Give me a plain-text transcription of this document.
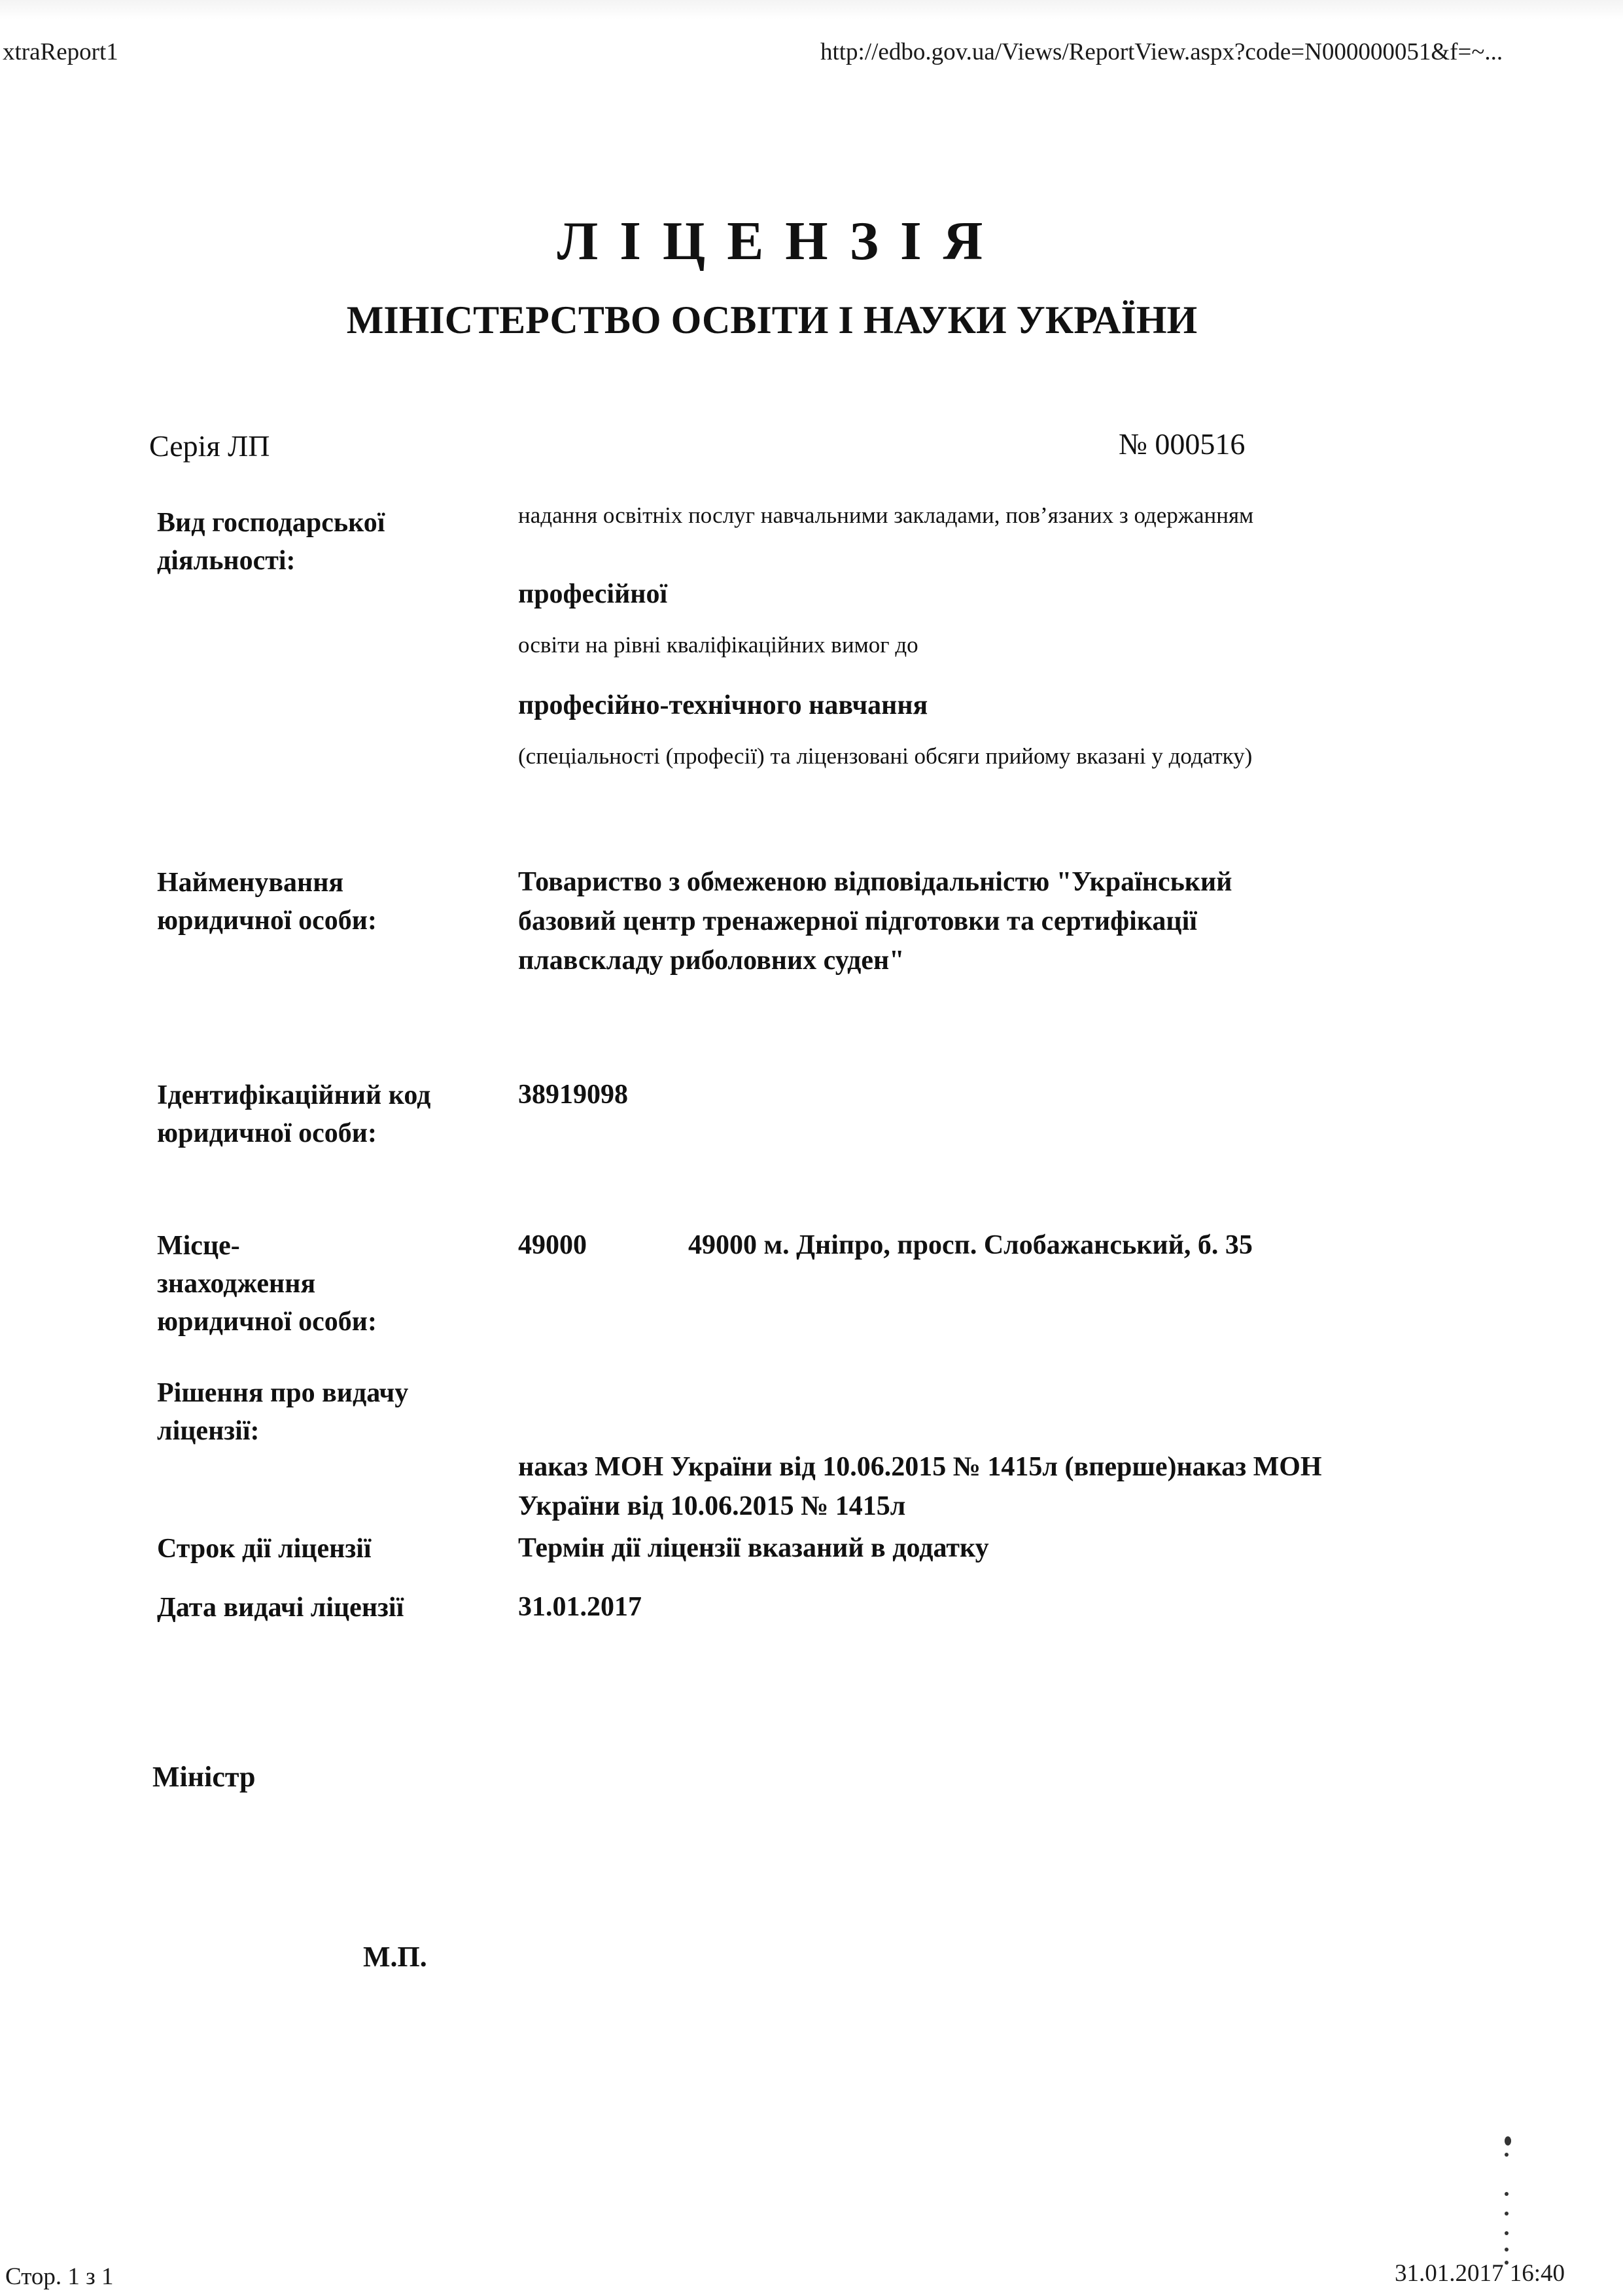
xtraReport1	http://edbo.gov.ua/Views/ReportView.aspx?code=N000000051&f=~...
Л І Ц Е Н З І Я
МІНІСТЕРСТВО ОСВІТИ І НАУКИ УКРАЇНИ
Серія ЛП	№ 000516
Вид господарської діяльності:
надання освітніх послуг навчальними закладами, пов’язаних з одержанням
професійної
освіти на рівні кваліфікаційних вимог до
професійно-технічного навчання
(спеціальності (професії) та ліцензовані обсяги прийому вказані у додатку)
Найменування юридичної особи:
Товариство з обмеженою відповідальністю "Український базовий центр тренажерної підготовки та сертифікації плавскладу риболовних суден"
Ідентифікаційний код юридичної особи:
38919098
Місце-знаходження юридичної особи:
49000	49000 м. Дніпро, просп. Слобажанський, б. 35
Рішення про видачу ліцензії:
наказ МОН України від 10.06.2015 № 1415л (вперше)наказ МОН України від 10.06.2015 № 1415л
Строк дії ліцензії	Термін дії ліцензії вказаний в додатку
Дата видачі ліцензії	31.01.2017
Міністр
М.П.
Стор. 1 з 1	31.01.2017 16:40
